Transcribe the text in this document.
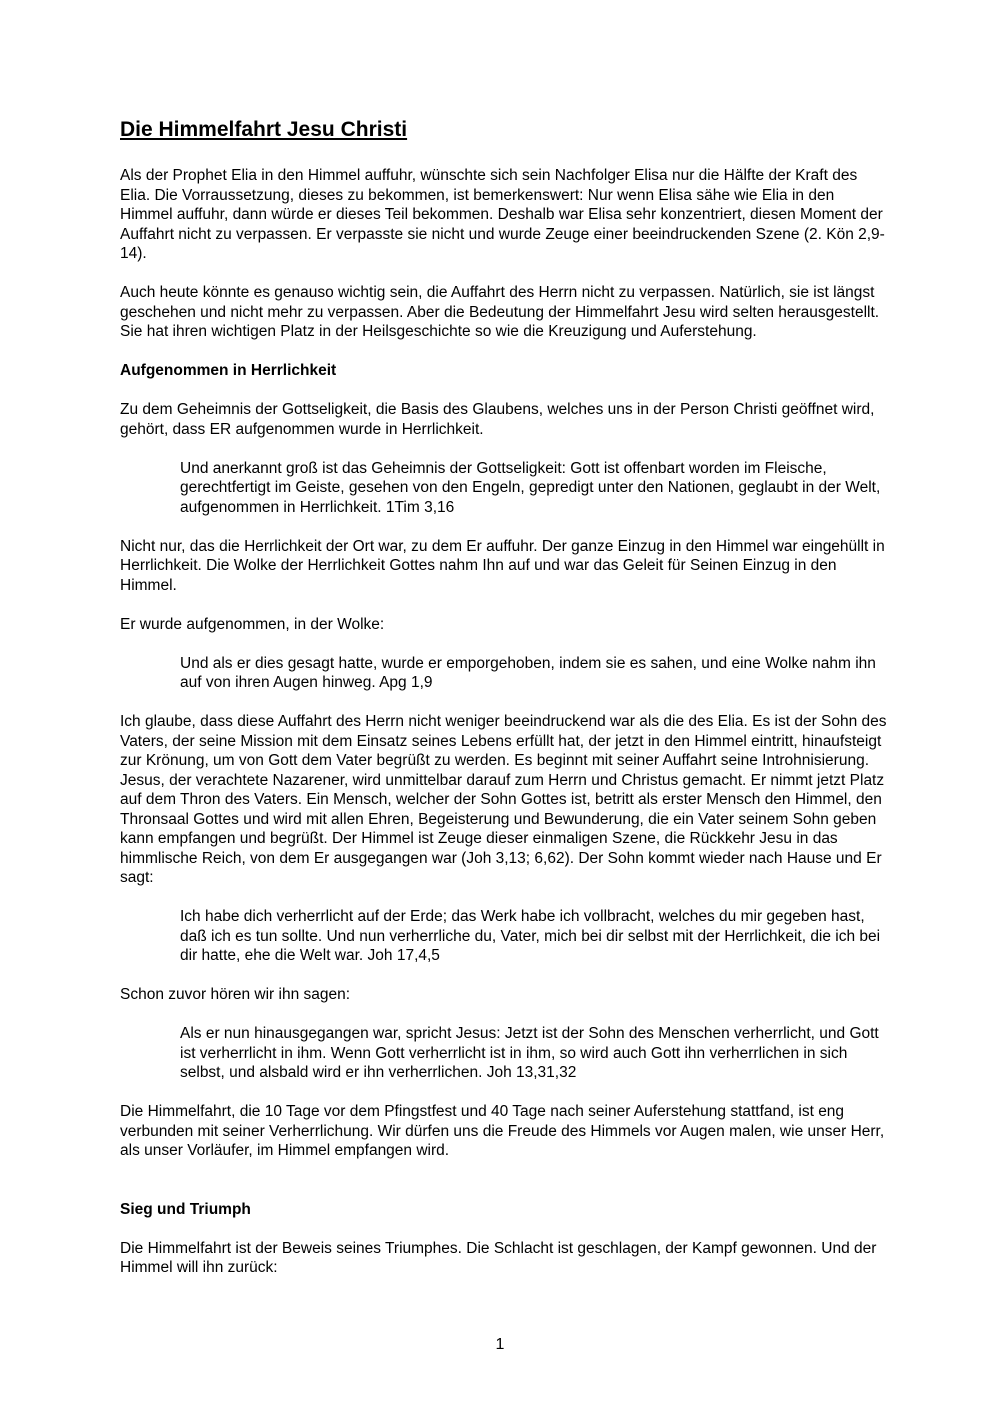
Die Himmelfahrt Jesu Christi

Als der Prophet Elia in den Himmel auffuhr, wünschte sich sein Nachfolger Elisa nur die Hälfte der Kraft des Elia. Die Vorraussetzung, dieses zu bekommen, ist bemerkenswert: Nur wenn Elisa sähe wie Elia in den Himmel auffuhr, dann würde er dieses Teil bekommen. Deshalb war Elisa sehr konzentriert, diesen Moment der Auffahrt nicht zu verpassen. Er verpasste sie nicht und wurde Zeuge einer beeindruckenden Szene (2. Kön 2,9-14).

Auch heute könnte es genauso wichtig sein, die Auffahrt des Herrn nicht zu verpassen. Natürlich, sie ist längst geschehen und nicht mehr zu verpassen. Aber die Bedeutung der Himmelfahrt Jesu wird selten herausgestellt. Sie hat ihren wichtigen Platz in der Heilsgeschichte so wie die Kreuzigung und Auferstehung.

Aufgenommen in Herrlichkeit

Zu dem Geheimnis der Gottseligkeit, die Basis des Glaubens, welches uns in der Person Christi geöffnet wird, gehört, dass ER aufgenommen wurde in Herrlichkeit.

Und anerkannt groß ist das Geheimnis der Gottseligkeit: Gott ist offenbart worden im Fleische, gerechtfertigt im Geiste, gesehen von den Engeln, gepredigt unter den Nationen, geglaubt in der Welt, aufgenommen in Herrlichkeit. 1Tim 3,16

Nicht nur, das die Herrlichkeit der Ort war, zu dem Er auffuhr. Der ganze Einzug in den Himmel war eingehüllt in Herrlichkeit. Die Wolke der Herrlichkeit Gottes nahm Ihn auf und war das Geleit für Seinen Einzug in den Himmel.

Er wurde aufgenommen, in der Wolke:

Und als er dies gesagt hatte, wurde er emporgehoben, indem sie es sahen, und eine Wolke nahm ihn auf von ihren Augen hinweg. Apg 1,9

Ich glaube, dass diese Auffahrt des Herrn nicht weniger beeindruckend war als die des Elia. Es ist der Sohn des Vaters, der seine Mission mit dem Einsatz seines Lebens erfüllt hat, der jetzt in den Himmel eintritt, hinaufsteigt zur Krönung, um von Gott dem Vater begrüßt zu werden. Es beginnt mit seiner Auffahrt seine Introhnisierung. Jesus, der verachtete Nazarener, wird unmittelbar darauf zum Herrn und Christus gemacht. Er nimmt jetzt Platz auf dem Thron des Vaters. Ein Mensch, welcher der Sohn Gottes ist, betritt als erster Mensch den Himmel, den Thronsaal Gottes und wird mit allen Ehren, Begeisterung und Bewunderung, die ein Vater seinem Sohn geben kann empfangen und begrüßt. Der Himmel ist Zeuge dieser einmaligen Szene, die Rückkehr Jesu in das himmlische Reich, von dem Er ausgegangen war (Joh 3,13; 6,62). Der Sohn kommt wieder nach Hause und Er sagt:

Ich habe dich verherrlicht auf der Erde; das Werk habe ich vollbracht, welches du mir gegeben hast, daß ich es tun sollte. Und nun verherrliche du, Vater, mich bei dir selbst mit der Herrlichkeit, die ich bei dir hatte, ehe die Welt war. Joh 17,4,5

Schon zuvor hören wir ihn sagen:

Als er nun hinausgegangen war, spricht Jesus: Jetzt ist der Sohn des Menschen verherrlicht, und Gott ist verherrlicht in ihm. Wenn Gott verherrlicht ist in ihm, so wird auch Gott ihn verherrlichen in sich selbst, und alsbald wird er ihn verherrlichen. Joh 13,31,32

Die Himmelfahrt, die 10 Tage vor dem Pfingstfest und 40 Tage nach seiner Auferstehung stattfand, ist eng verbunden mit seiner Verherrlichung. Wir dürfen uns die Freude des Himmels vor Augen malen, wie unser Herr, als unser Vorläufer, im Himmel empfangen wird.

Sieg und Triumph

Die Himmelfahrt ist der Beweis seines Triumphes. Die Schlacht ist geschlagen, der Kampf gewonnen. Und der Himmel will ihn zurück:

1
